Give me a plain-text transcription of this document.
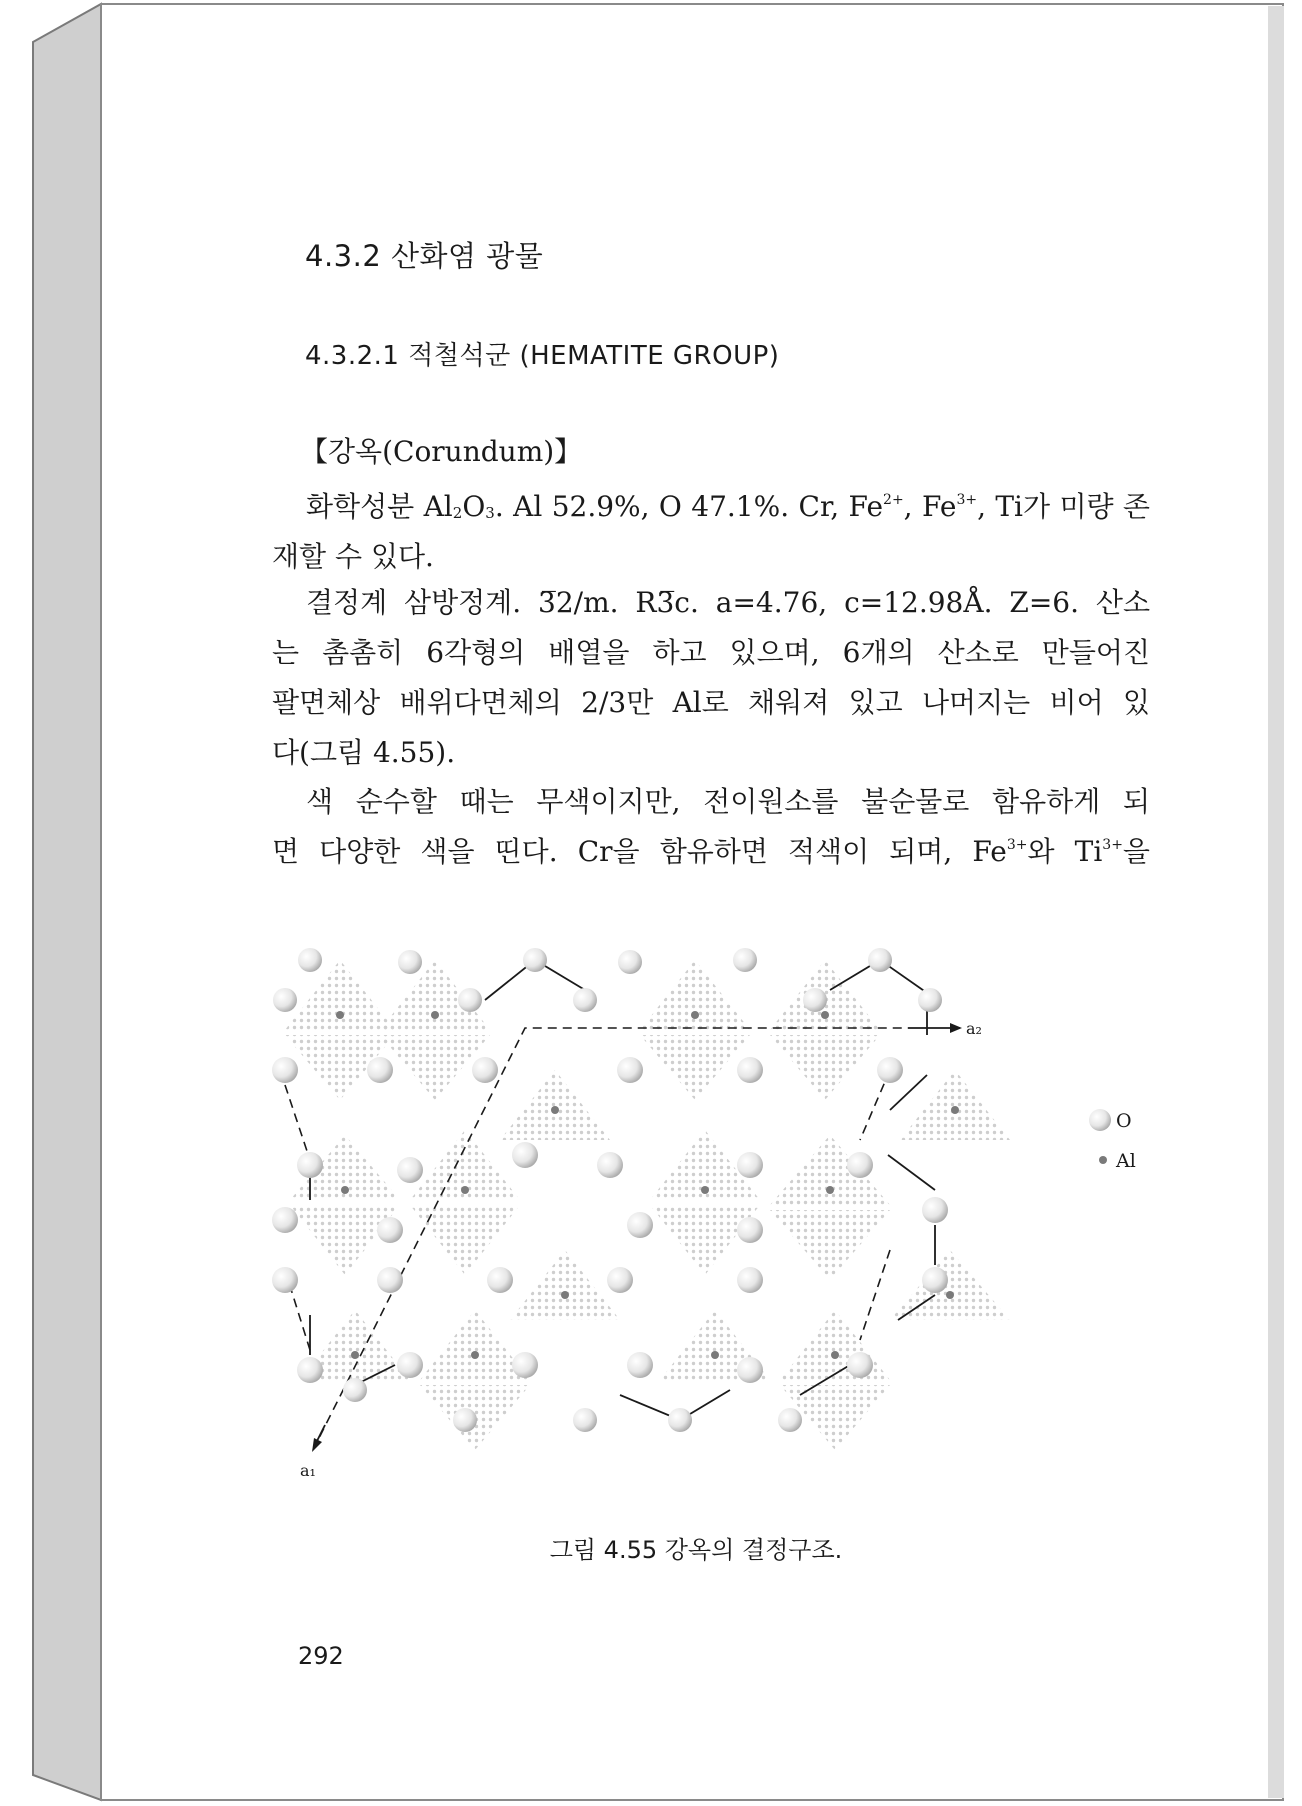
4.3.2 산화염 광물
4.3.2.1 적철석군 (HEMATITE GROUP)
【강옥(Corundum)】
화학성분 $Al_2O_3$. Al 52.9%, O 47.1%. Cr, $Fe^{2+}$, $Fe^{3+}$, Ti가 미량 존
재할 수 있다.
결정계 삼방정계. 3̅2/m. R3̅c. a=4.76, c=12.98Å. Z=6. 산소
는 촘촘히 6각형의 배열을 하고 있으며, 6개의 산소로 만들어진
팔면체상 배위다면체의 2/3만 Al로 채워져 있고 나머지는 비어 있
다(그림 4.55).
색 순수할 때는 무색이지만, 전이원소를 불순물로 함유하게 되
면 다양한 색을 띤다. Cr을 함유하면 적색이 되며, $Fe^{3+}$와 $Ti^{3+}$을
a₂
a₁
O
Al
그림 4.55 강옥의 결정구조.
292
